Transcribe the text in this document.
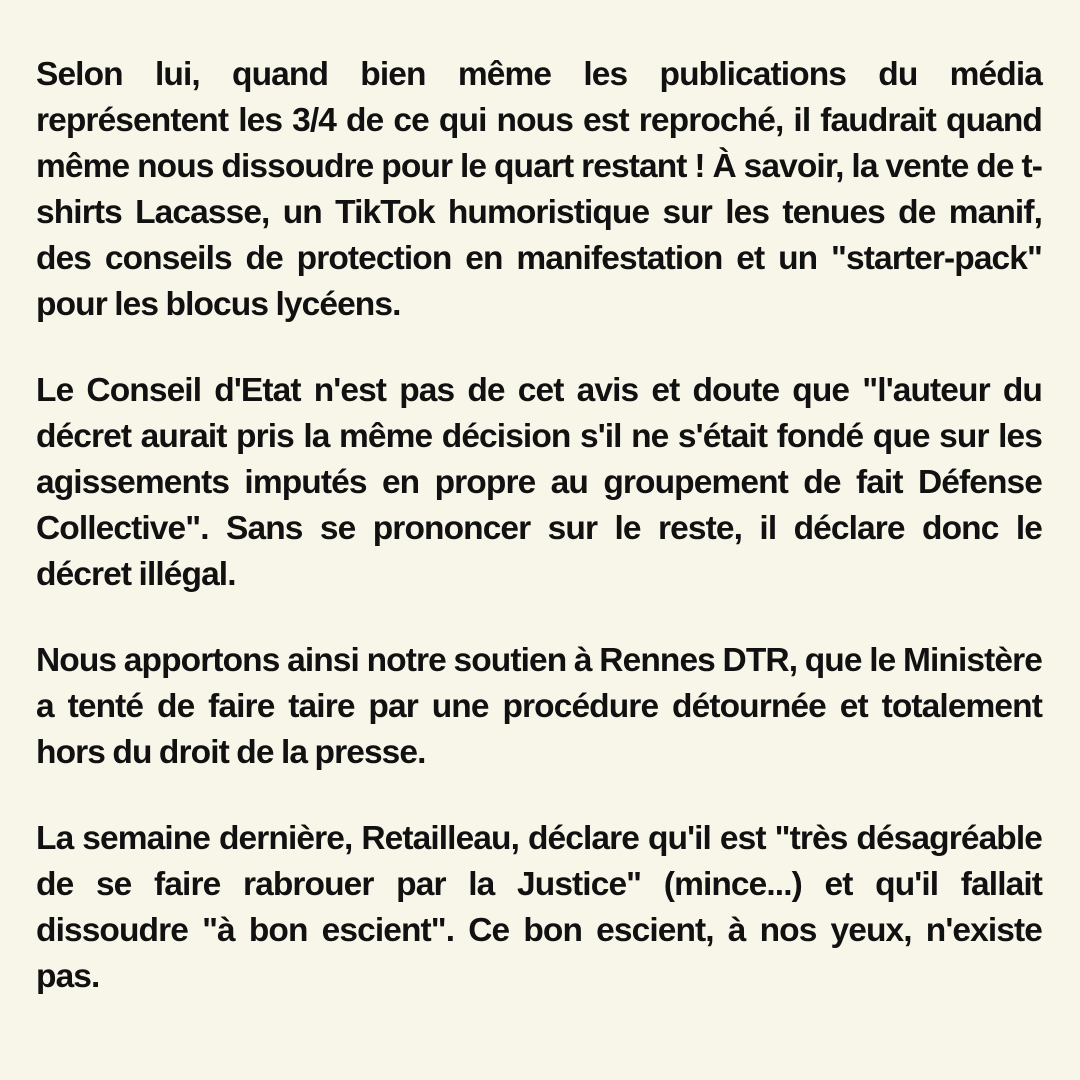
Selon lui, quand bien même les publications du média représentent les 3/4 de ce qui nous est reproché, il faudrait quand même nous dissoudre pour le quart restant ! À savoir, la vente de t-shirts Lacasse, un TikTok humoristique sur les tenues de manif, des conseils de protection en manifestation et un "starter-pack" pour les blocus lycéens.

Le Conseil d'Etat n'est pas de cet avis et doute que "l'auteur du décret aurait pris la même décision s'il ne s'était fondé que sur les agissements imputés en propre au groupement de fait Défense Collective". Sans se prononcer sur le reste, il déclare donc le décret illégal.

Nous apportons ainsi notre soutien à Rennes DTR, que le Ministère a tenté de faire taire par une procédure détournée et totalement hors du droit de la presse.

La semaine dernière, Retailleau, déclare qu'il est "très désagréable de se faire rabrouer par la Justice" (mince...) et qu'il fallait dissoudre "à bon escient". Ce bon escient, à nos yeux, n'existe pas.
